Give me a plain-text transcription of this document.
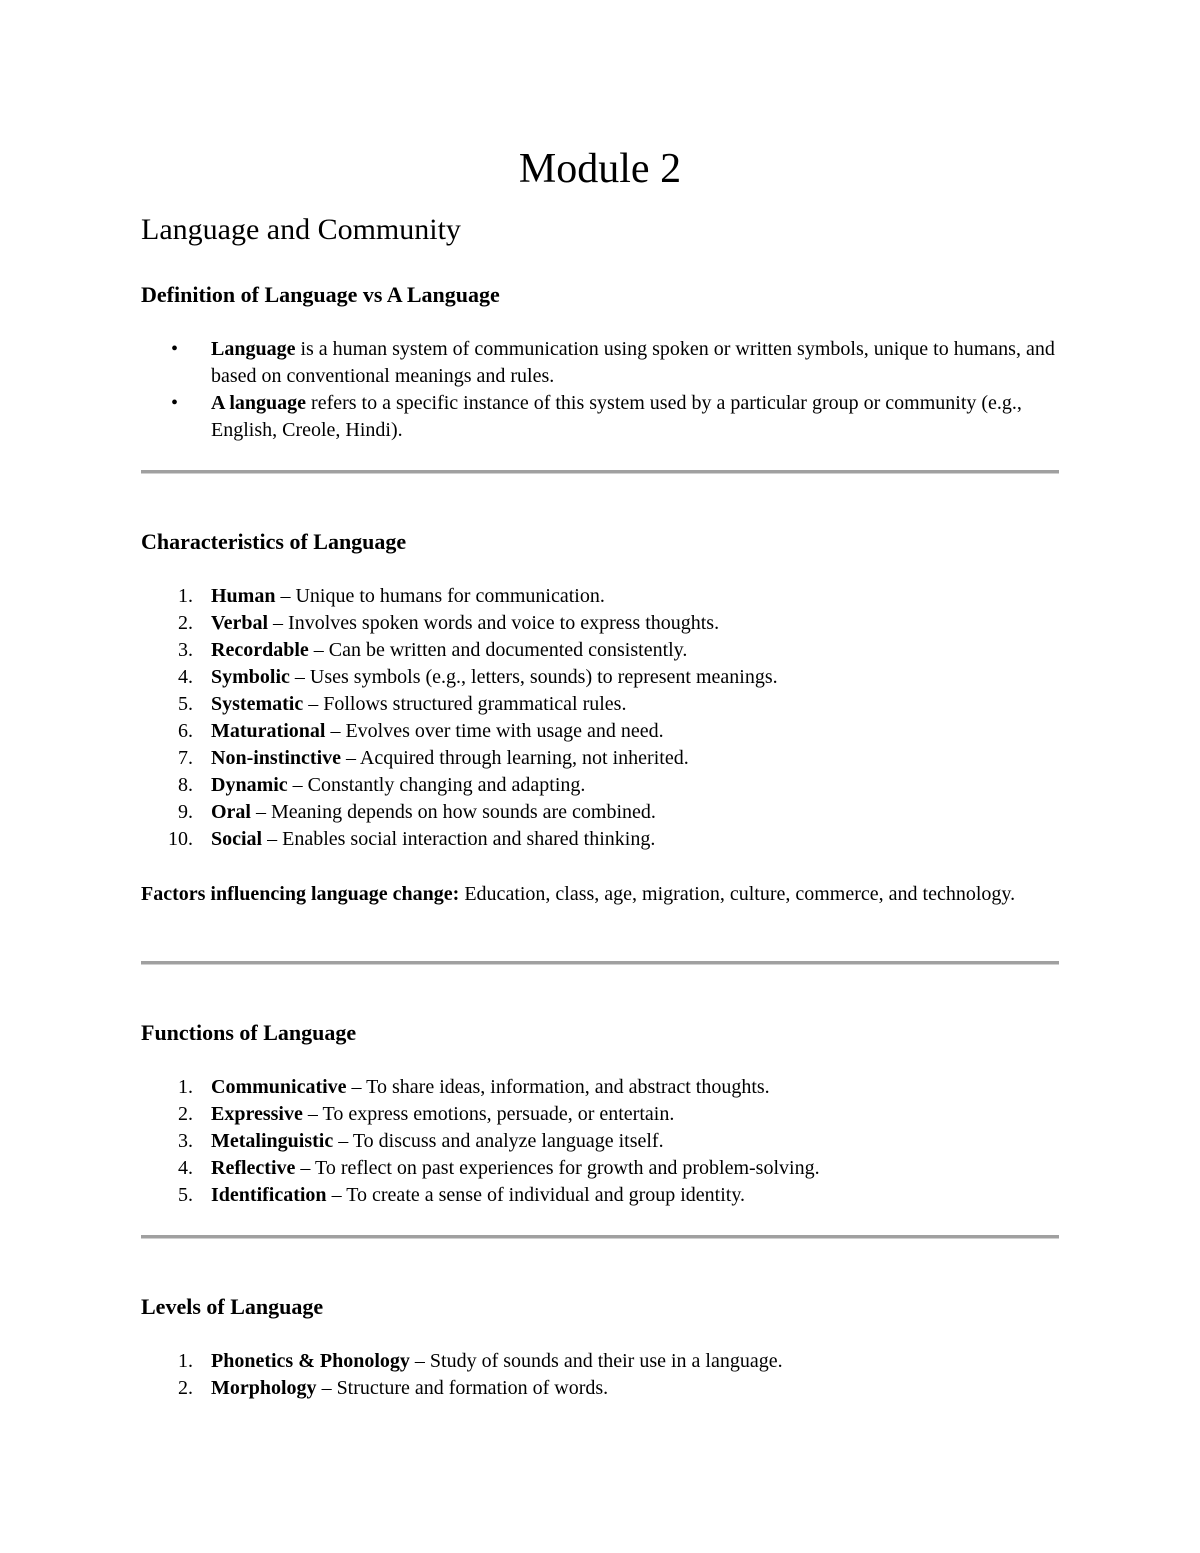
Module 2
Language and Community
Definition of Language vs A Language
• Language is a human system of communication using spoken or written symbols, unique to humans, and based on conventional meanings and rules.
• A language refers to a specific instance of this system used by a particular group or community (e.g., English, Creole, Hindi).
Characteristics of Language
1. Human – Unique to humans for communication.
2. Verbal – Involves spoken words and voice to express thoughts.
3. Recordable – Can be written and documented consistently.
4. Symbolic – Uses symbols (e.g., letters, sounds) to represent meanings.
5. Systematic – Follows structured grammatical rules.
6. Maturational – Evolves over time with usage and need.
7. Non-instinctive – Acquired through learning, not inherited.
8. Dynamic – Constantly changing and adapting.
9. Oral – Meaning depends on how sounds are combined.
10. Social – Enables social interaction and shared thinking.

Factors influencing language change: Education, class, age, migration, culture, commerce, and technology.

Functions of Language
1. Communicative – To share ideas, information, and abstract thoughts.
2. Expressive – To express emotions, persuade, or entertain.
3. Metalinguistic – To discuss and analyze language itself.
4. Reflective – To reflect on past experiences for growth and problem-solving.
5. Identification – To create a sense of individual and group identity.
Levels of Language
1. Phonetics & Phonology – Study of sounds and their use in a language.
2. Morphology – Structure and formation of words.
